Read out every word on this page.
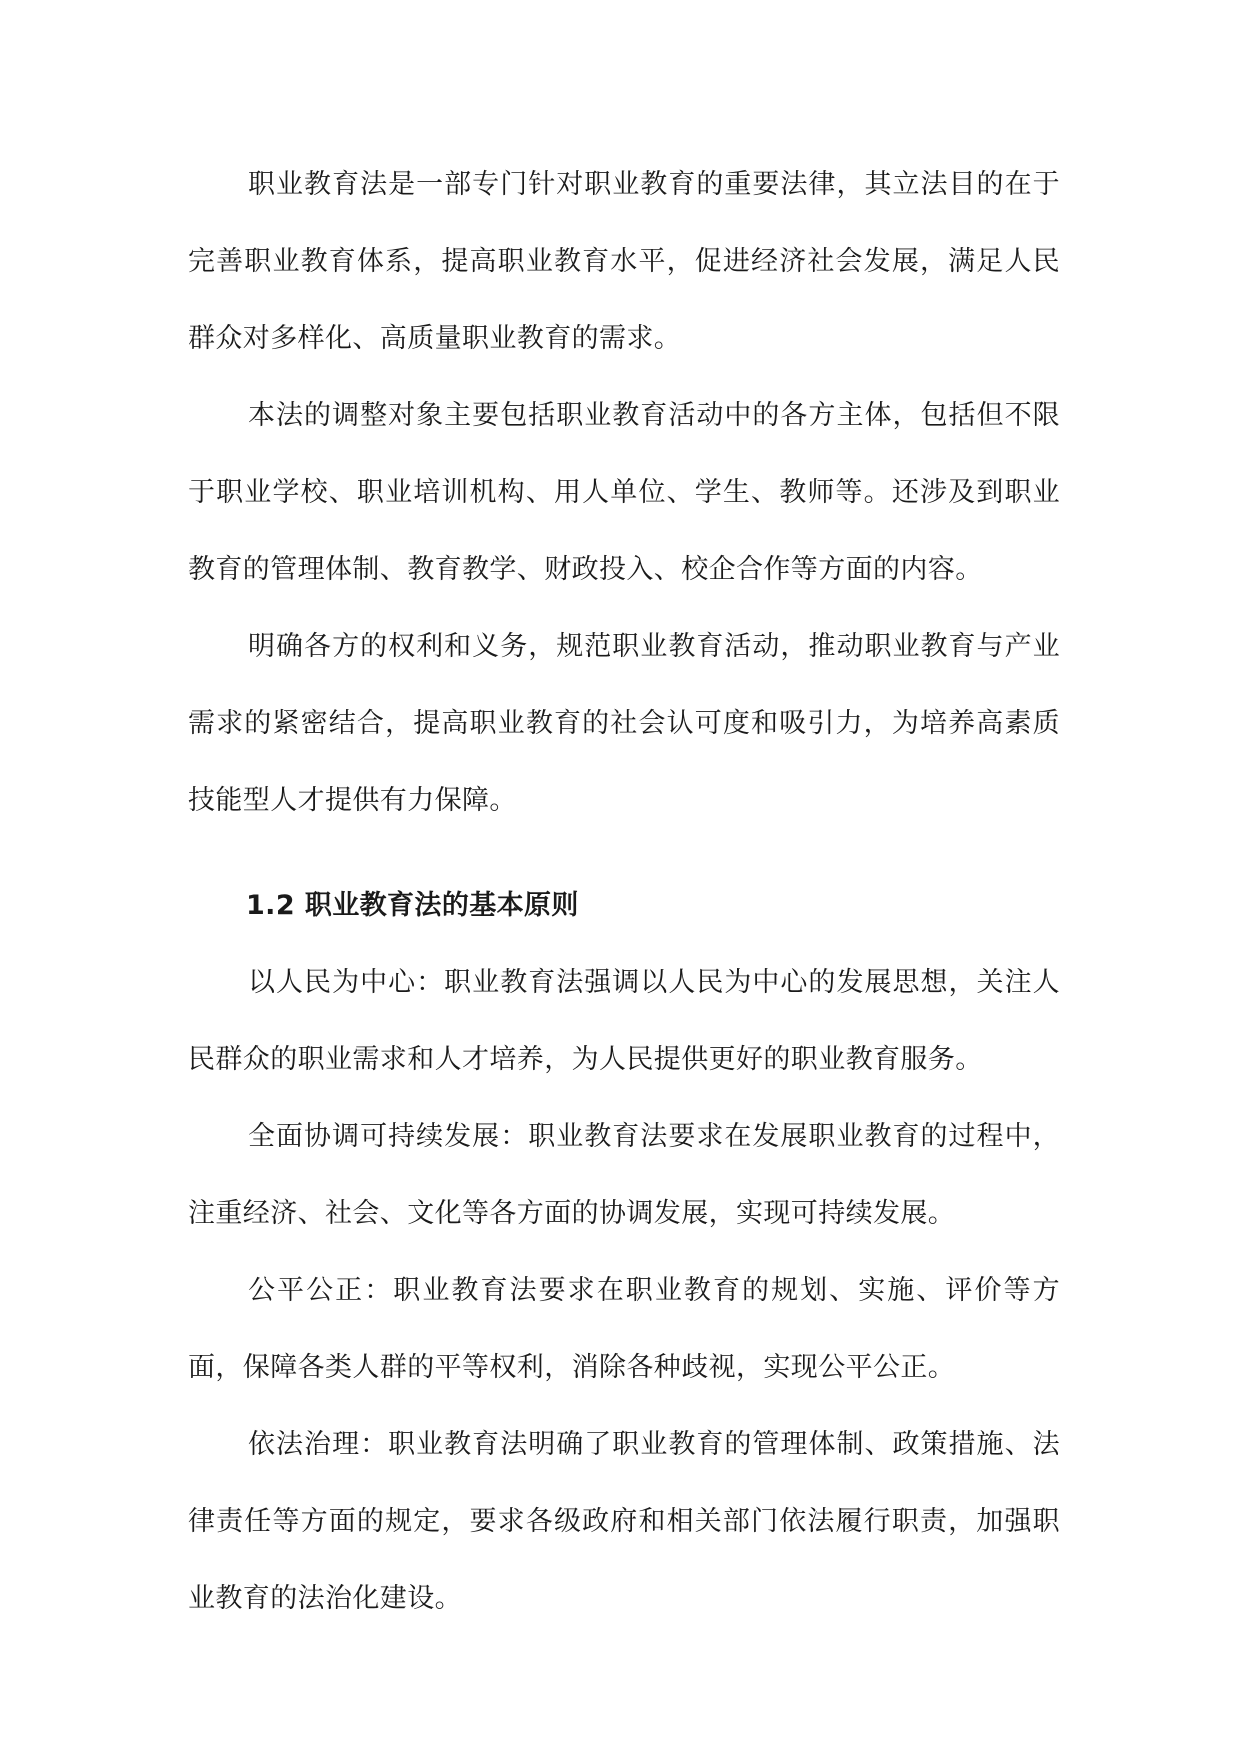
职业教育法是一部专门针对职业教育的重要法律，其立法目的在于完善职业教育体系，提高职业教育水平，促进经济社会发展，满足人民群众对多样化、高质量职业教育的需求。

本法的调整对象主要包括职业教育活动中的各方主体，包括但不限于职业学校、职业培训机构、用人单位、学生、教师等。还涉及到职业教育的管理体制、教育教学、财政投入、校企合作等方面的内容。

明确各方的权利和义务，规范职业教育活动，推动职业教育与产业需求的紧密结合，提高职业教育的社会认可度和吸引力，为培养高素质技能型人才提供有力保障。

1.2 职业教育法的基本原则

以人民为中心：职业教育法强调以人民为中心的发展思想，关注人民群众的职业需求和人才培养，为人民提供更好的职业教育服务。

全面协调可持续发展：职业教育法要求在发展职业教育的过程中，注重经济、社会、文化等各方面的协调发展，实现可持续发展。

公平公正：职业教育法要求在职业教育的规划、实施、评价等方面，保障各类人群的平等权利，消除各种歧视，实现公平公正。

依法治理：职业教育法明确了职业教育的管理体制、政策措施、法律责任等方面的规定，要求各级政府和相关部门依法履行职责，加强职业教育的法治化建设。
